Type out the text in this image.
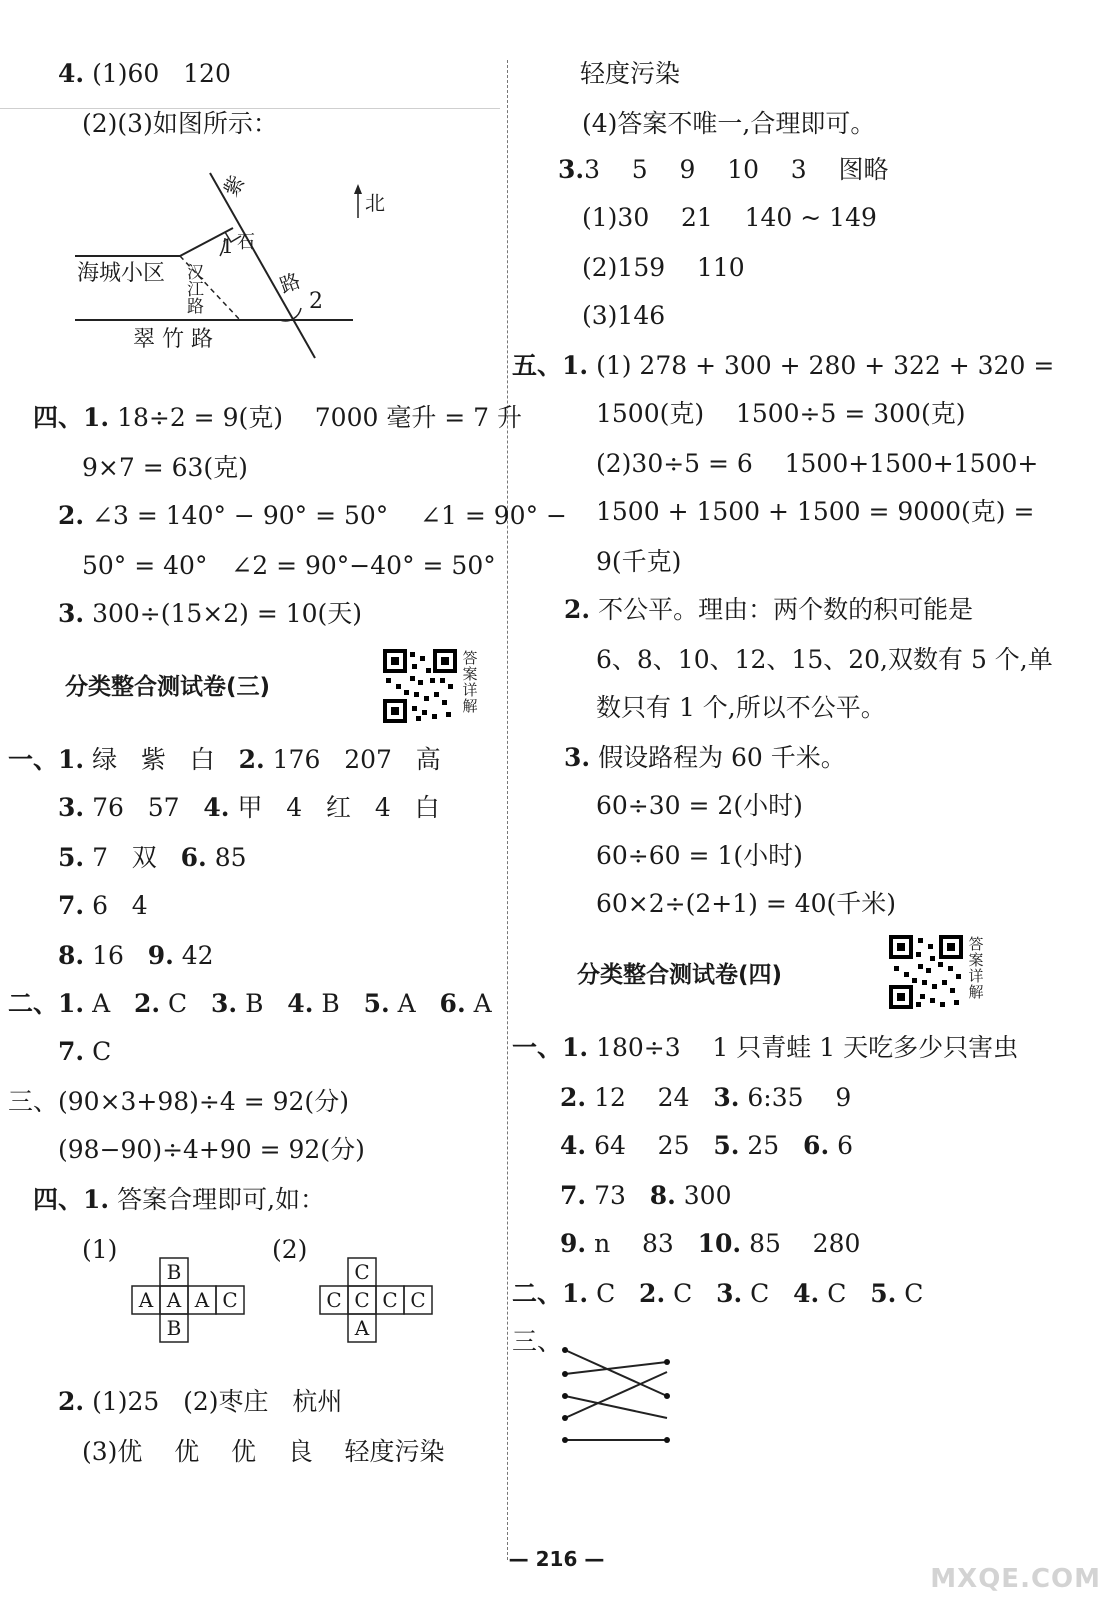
4. (1)60   120
(2)(3)如图所示：
紫
北
1 石
海城小区 汉江路	路
2
翠 竹 路
四、1. 18÷2 = 9(克)    7000 毫升 = 7 升
9×7 = 63(克)
2. ∠3 = 140° − 90° = 50°    ∠1 = 90° −
50° = 40°   ∠2 = 90°−40° = 50°
3. 300÷(15×2) = 10(天)
分类整合测试卷(三)
答案详解
一、1. 绿   紫   白 2. 176   207   高
3. 76   57 4. 甲   4   红   4   白
5. 7   双 6. 85
7. 6   4
8. 16 9. 42
二、1. A 2. C 3. B 4. B 5. A 6. A
7. C
三、(90×3+98)÷4 = 92(分)
(98−90)÷4+90 = 92(分)
四、1. 答案合理即可,如：
(1)
B
A A A C
B
(2)
C
C C C C
A
2. (1)25   (2)枣庄   杭州
(3)优    优    优    良    轻度污染
轻度污染
(4)答案不唯一,合理即可。
3.3    5    9    10    3    图略
(1)30    21    140 ~ 149
(2)159    110
(3)146
五、1. (1) 278 + 300 + 280 + 322 + 320 =
1500(克)    1500÷5 = 300(克)
(2)30÷5 = 6    1500+1500+1500+
1500 + 1500 + 1500 = 9000(克) =
9(千克)
2. 不公平。理由：两个数的积可能是
6、8、10、12、15、20,双数有 5 个,单
数只有 1 个,所以不公平。
3. 假设路程为 60 千米。
60÷30 = 2(小时)
60÷60 = 1(小时)
60×2÷(2+1) = 40(千米)
分类整合测试卷(四)
答案详解
一、1. 180÷3    1 只青蛙 1 天吃多少只害虫
2. 12    24 3. 6:35    9
4. 64    25 5. 25 6. 6
7. 73 8. 300
9. n    83 10. 85    280
二、1. C 2. C 3. C 4. C 5. C
三、
— 216 —
MXQE.COM
